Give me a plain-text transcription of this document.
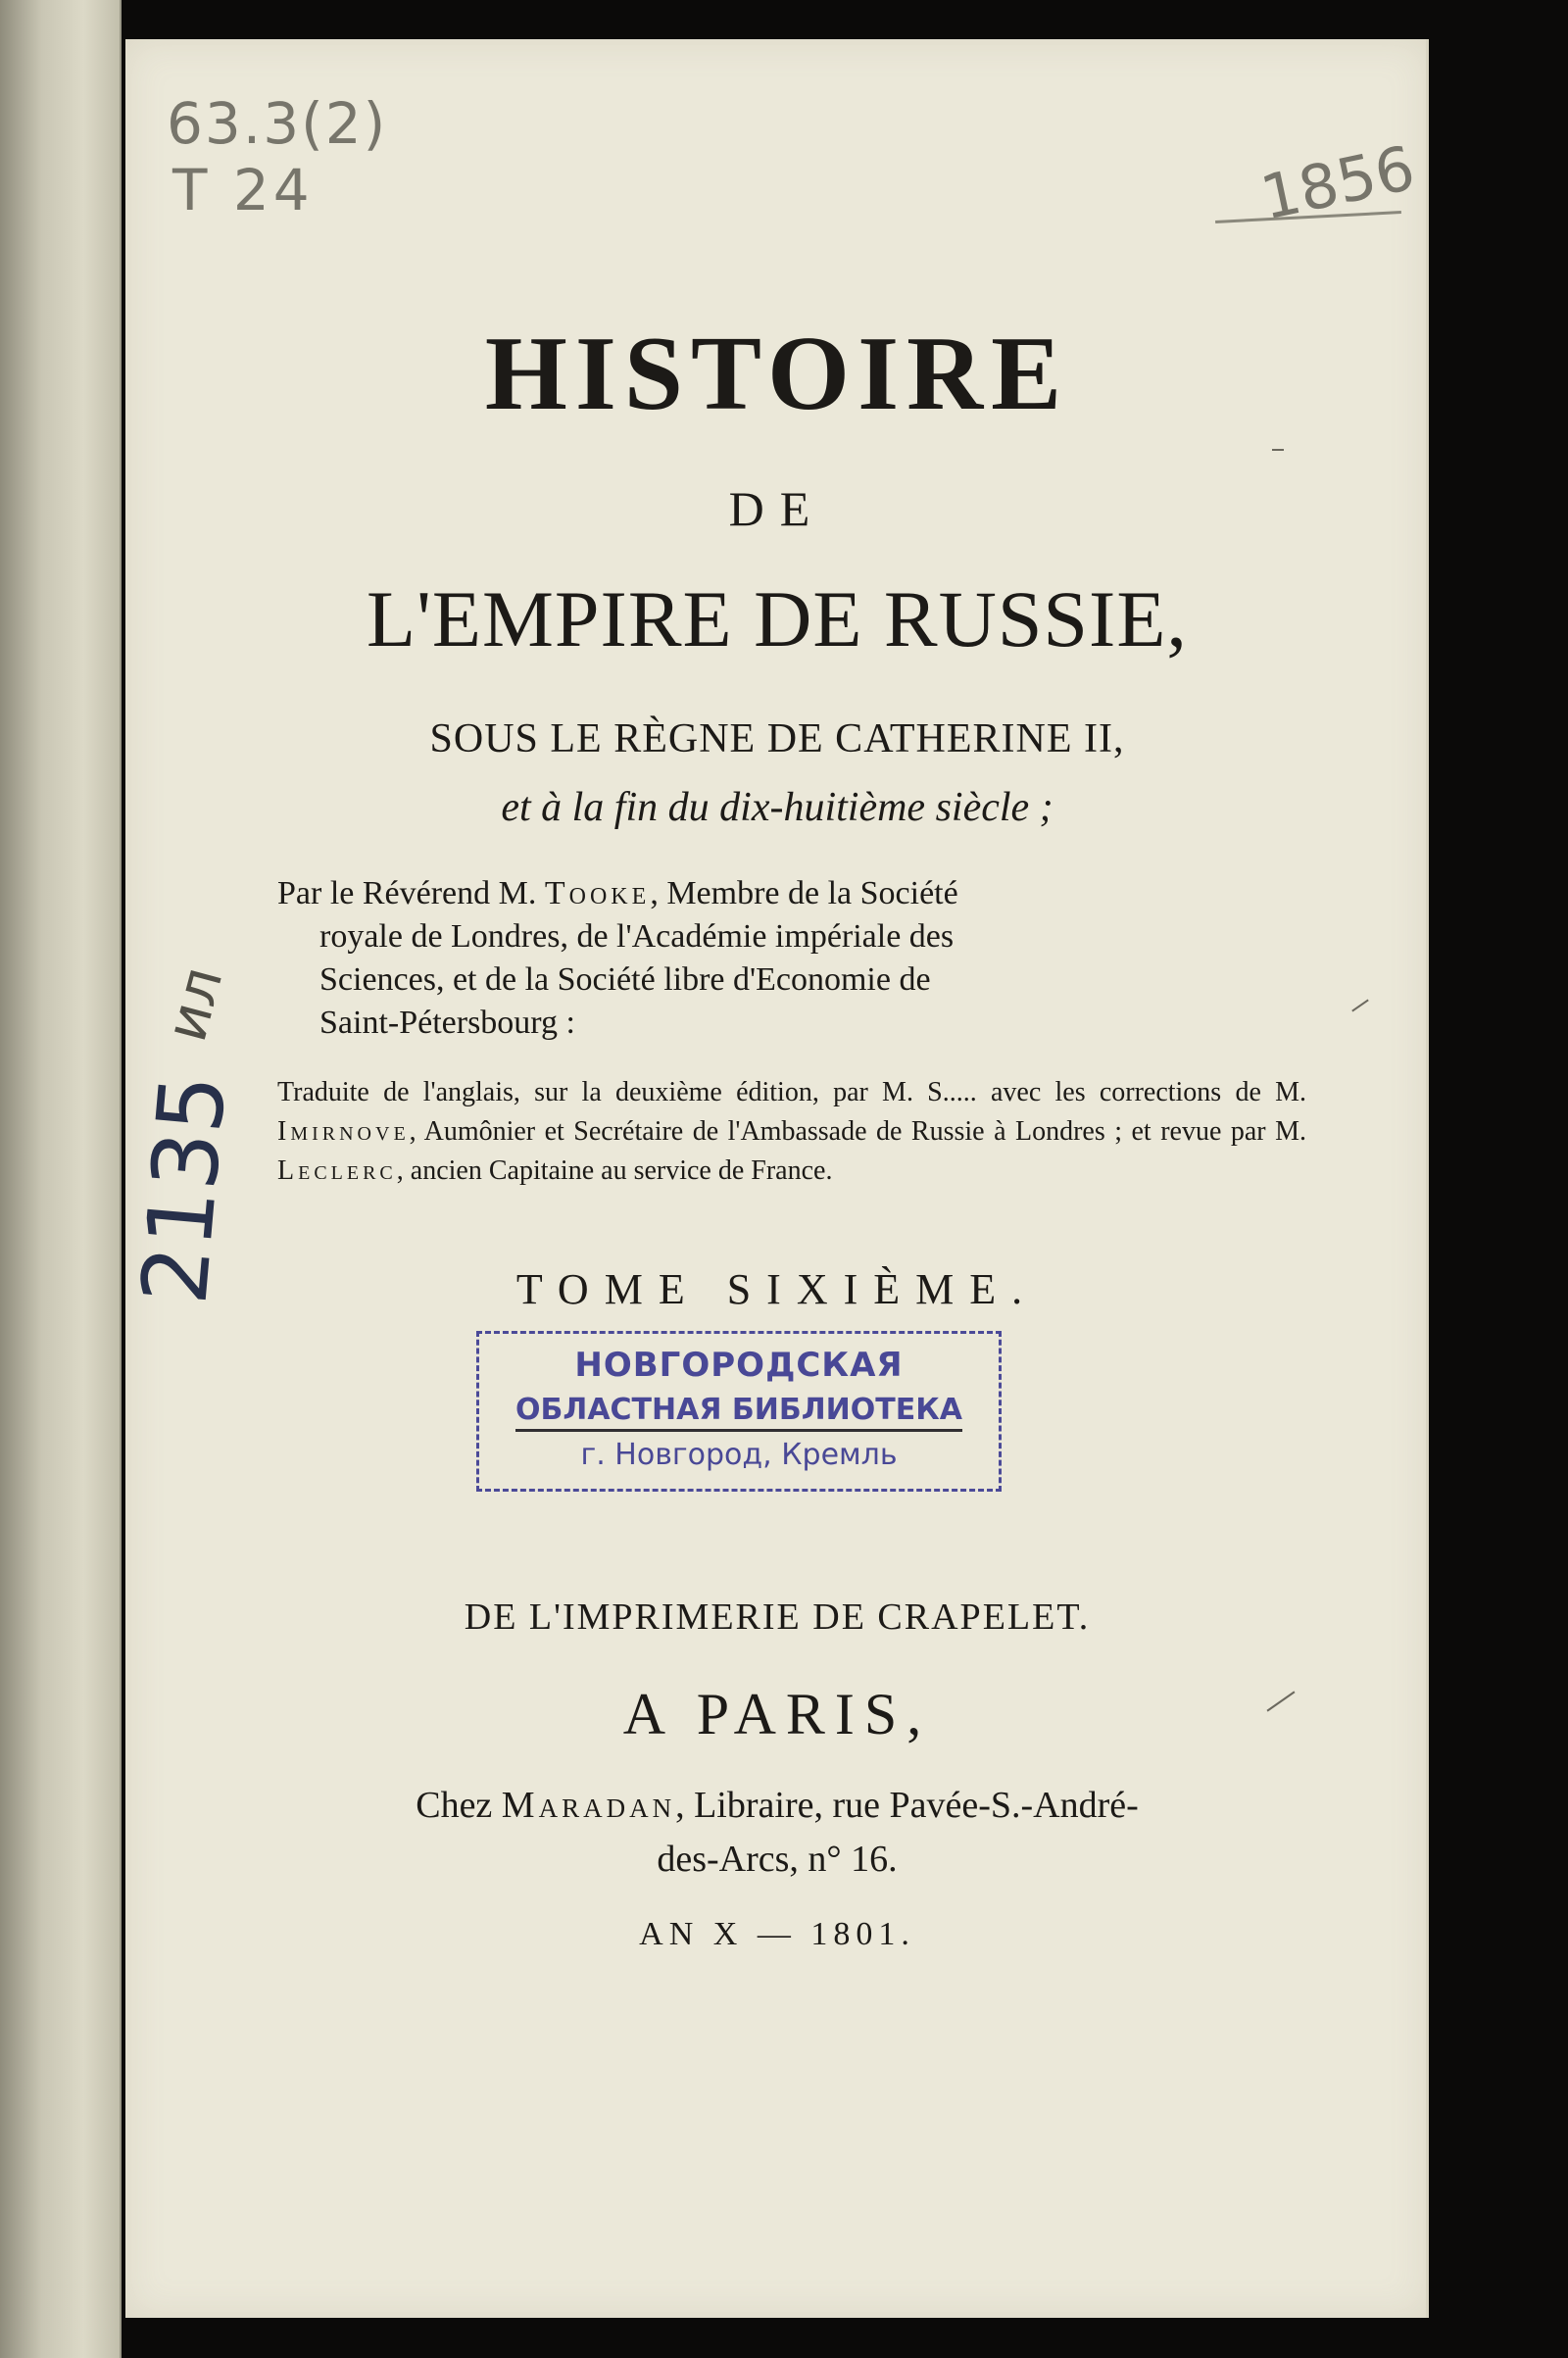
63.3(2)
T 24	1856
ил
2135
HISTOIRE
DE
L'EMPIRE DE RUSSIE,
SOUS LE RÈGNE DE CATHERINE II,
et à la fin du dix-huitième siècle ;
Par le Révérend M. Tooke, Membre de la Société
royale de Londres, de l'Académie impériale des
Sciences, et de la Société libre d'Economie de
Saint-Pétersbourg :
Traduite de l'anglais, sur la deuxième édition, par M. S..... avec les corrections de M. Imirnove, Aumônier et Secrétaire de l'Ambassade de Russie à Londres ; et revue par M. Leclerc, ancien Capitaine au service de France.
TOME SIXIÈME.
НОВГОРОДСКАЯ
ОБЛАСТНАЯ БИБЛИОТЕКА
г. Новгород, Кремль
DE L'IMPRIMERIE DE CRAPELET.
A PARIS,
Chez Maradan, Libraire, rue Pavée-S.-André-
des-Arcs, n° 16.
AN X — 1801.
